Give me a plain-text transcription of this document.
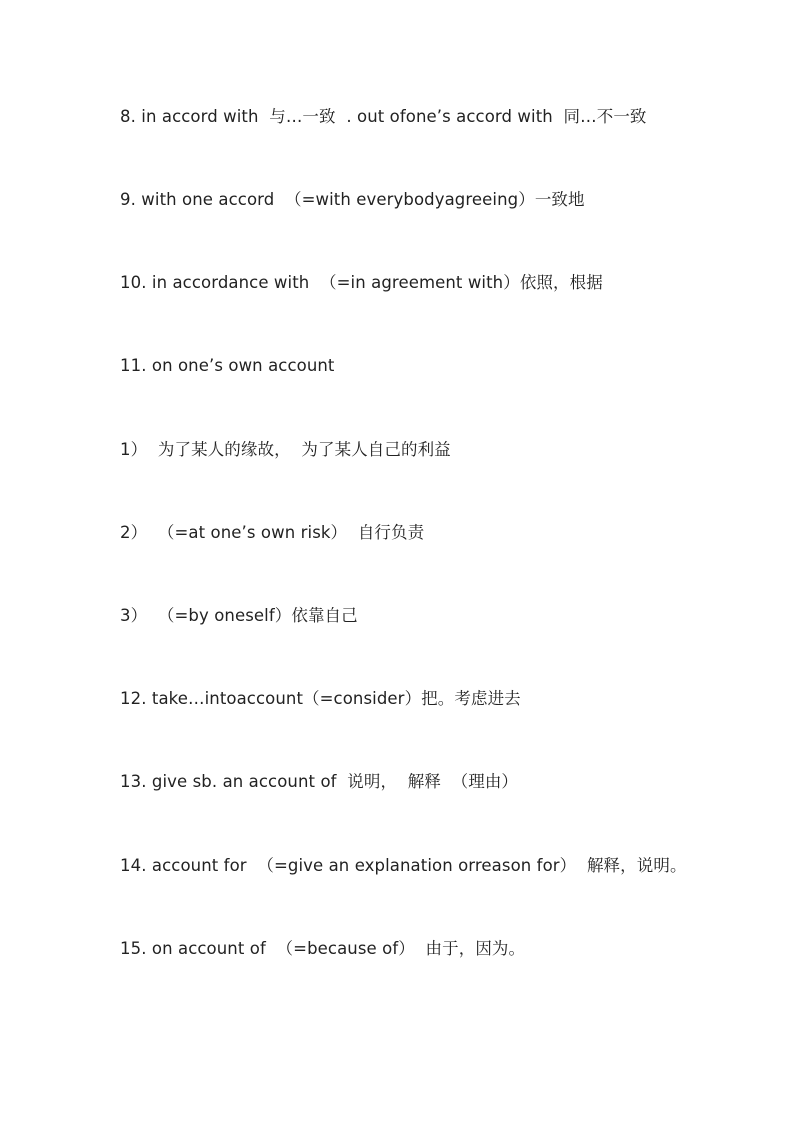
8. in accord with  与…一致  . out ofone’s accord with  同…不一致

9. with one accord  （=with everybodyagreeing）一致地

10. in accordance with  （=in agreement with）依照，根据

11. on one’s own account

1）  为了某人的缘故，  为了某人自己的利益

2）  （=at one’s own risk）  自行负责

3）  （=by oneself）依靠自己

12. take…intoaccount（=consider）把。考虑进去

13. give sb. an account of  说明，  解释  （理由）

14. account for  （=give an explanation orreason for）  解释，说明。

15. on account of  （=because of）  由于，因为。
